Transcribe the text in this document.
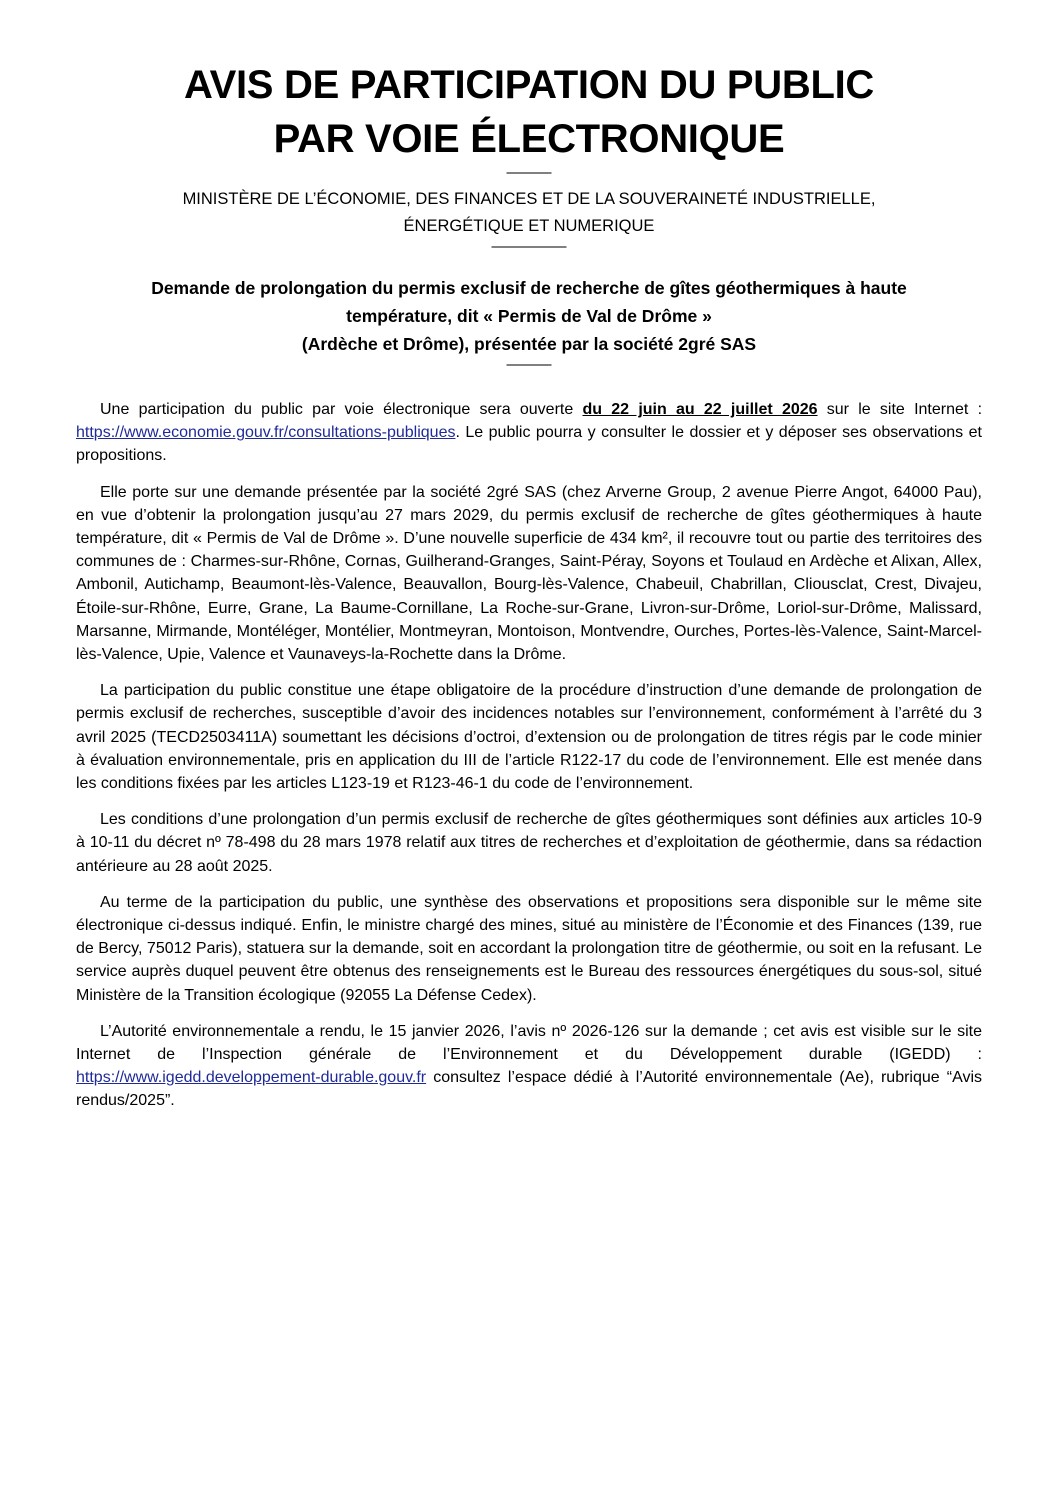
AVIS DE PARTICIPATION DU PUBLIC
PAR VOIE ÉLECTRONIQUE

———

MINISTÈRE DE L’ÉCONOMIE, DES FINANCES ET DE LA SOUVERAINETÉ INDUSTRIELLE,
ÉNERGÉTIQUE ET NUMERIQUE

—————

Demande de prolongation du permis exclusif de recherche de gîtes géothermiques à haute
température, dit « Permis de Val de Drôme »
(Ardèche et Drôme), présentée par la société 2gré SAS

———

Une participation du public par voie électronique sera ouverte du 22 juin au 22 juillet 2026 sur le site Internet : https://www.economie.gouv.fr/consultations-publiques. Le public pourra y consulter le dossier et y déposer ses observations et propositions.

Elle porte sur une demande présentée par la société 2gré SAS (chez Arverne Group, 2 avenue Pierre Angot, 64000 Pau), en vue d’obtenir la prolongation jusqu’au 27 mars 2029, du permis exclusif de recherche de gîtes géothermiques à haute température, dit « Permis de Val de Drôme ». D’une nouvelle superficie de 434 km², il recouvre tout ou partie des territoires des communes de : Charmes-sur-Rhône, Cornas, Guilherand-Granges, Saint-Péray, Soyons et Toulaud en Ardèche et Alixan, Allex, Ambonil, Autichamp, Beaumont-lès-Valence, Beauvallon, Bourg-lès-Valence, Chabeuil, Chabrillan, Cliousclat, Crest, Divajeu, Étoile-sur-Rhône, Eurre, Grane, La Baume-Cornillane, La Roche-sur-Grane, Livron-sur-Drôme, Loriol-sur-Drôme, Malissard, Marsanne, Mirmande, Montéléger, Montélier, Montmeyran, Montoison, Montvendre, Ourches, Portes-lès-Valence, Saint-Marcel-lès-Valence, Upie, Valence et Vaunaveys-la-Rochette dans la Drôme.

La participation du public constitue une étape obligatoire de la procédure d’instruction d’une demande de prolongation de permis exclusif de recherches, susceptible d’avoir des incidences notables sur l’environnement, conformément à l’arrêté du 3 avril 2025 (TECD2503411A) soumettant les décisions d’octroi, d’extension ou de prolongation de titres régis par le code minier à évaluation environnementale, pris en application du III de l’article R122-17 du code de l’environnement. Elle est menée dans les conditions fixées par les articles L123-19 et R123-46-1 du code de l’environnement.

Les conditions d’une prolongation d’un permis exclusif de recherche de gîtes géothermiques sont définies aux articles 10-9 à 10-11 du décret nº 78-498 du 28 mars 1978 relatif aux titres de recherches et d’exploitation de géothermie, dans sa rédaction antérieure au 28 août 2025.

Au terme de la participation du public, une synthèse des observations et propositions sera disponible sur le même site électronique ci-dessus indiqué. Enfin, le ministre chargé des mines, situé au ministère de l’Économie et des Finances (139, rue de Bercy, 75012 Paris), statuera sur la demande, soit en accordant la prolongation titre de géothermie, ou soit en la refusant. Le service auprès duquel peuvent être obtenus des renseignements est le Bureau des ressources énergétiques du sous-sol, situé Ministère de la Transition écologique (92055 La Défense Cedex).

L’Autorité environnementale a rendu, le 15 janvier 2026, l’avis nº 2026-126 sur la demande ; cet avis est visible sur le site Internet de l’Inspection générale de l’Environnement et du Développement durable (IGEDD) : https://www.igedd.developpement-durable.gouv.fr consultez l’espace dédié à l’Autorité environnementale (Ae), rubrique “Avis rendus/2025”.
